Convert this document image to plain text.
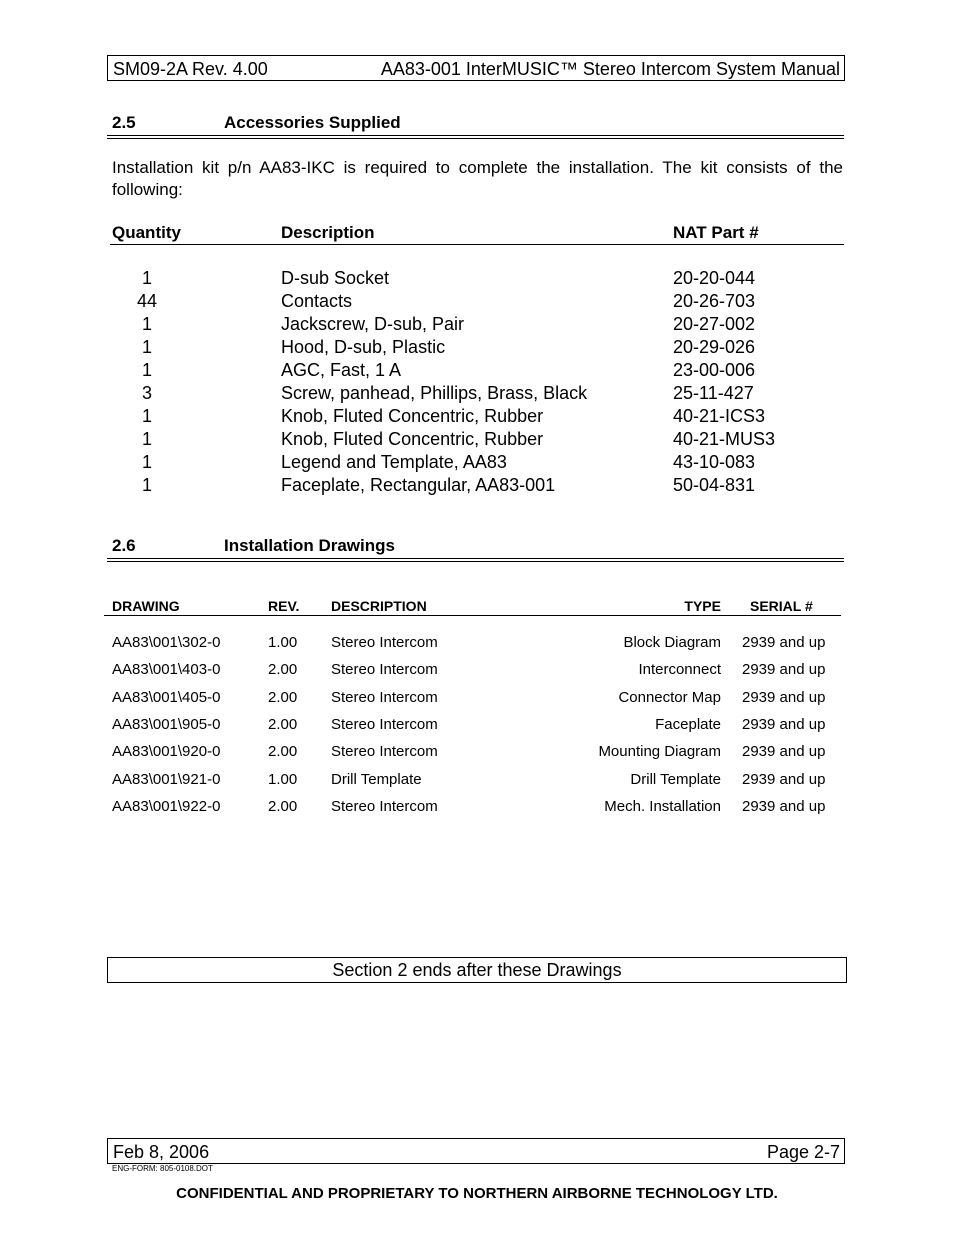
SM09-2A Rev. 4.00	AA83-001 InterMUSIC™ Stereo Intercom System Manual
2.5	Accessories Supplied
Installation kit p/n AA83-IKC is required to complete the installation. The kit consists of the following:
Quantity	Description	NAT Part #
1	D-sub Socket	20-20-044
44	Contacts	20-26-703
1	Jackscrew, D-sub, Pair	20-27-002
1	Hood, D-sub, Plastic	20-29-026
1	AGC, Fast, 1 A	23-00-006
3	Screw, panhead, Phillips, Brass, Black	25-11-427
1	Knob, Fluted Concentric, Rubber	40-21-ICS3
1	Knob, Fluted Concentric, Rubber	40-21-MUS3
1	Legend and Template, AA83	43-10-083
1	Faceplate, Rectangular, AA83-001	50-04-831
2.6	Installation Drawings
DRAWING	REV. DESCRIPTION	TYPE SERIAL #
AA83\001\302-0	1.00 Stereo Intercom	Block Diagram 2939 and up
AA83\001\403-0	2.00 Stereo Intercom	Interconnect 2939 and up
AA83\001\405-0	2.00 Stereo Intercom	Connector Map 2939 and up
AA83\001\905-0	2.00 Stereo Intercom	Faceplate 2939 and up
AA83\001\920-0	2.00 Stereo Intercom	Mounting Diagram 2939 and up
AA83\001\921-0	1.00 Drill Template	Drill Template 2939 and up
AA83\001\922-0	2.00 Stereo Intercom	Mech. Installation 2939 and up
Section 2 ends after these Drawings
Feb 8, 2006	Page 2-7
ENG-FORM: 805-0108.DOT
CONFIDENTIAL AND PROPRIETARY TO NORTHERN AIRBORNE TECHNOLOGY LTD.
